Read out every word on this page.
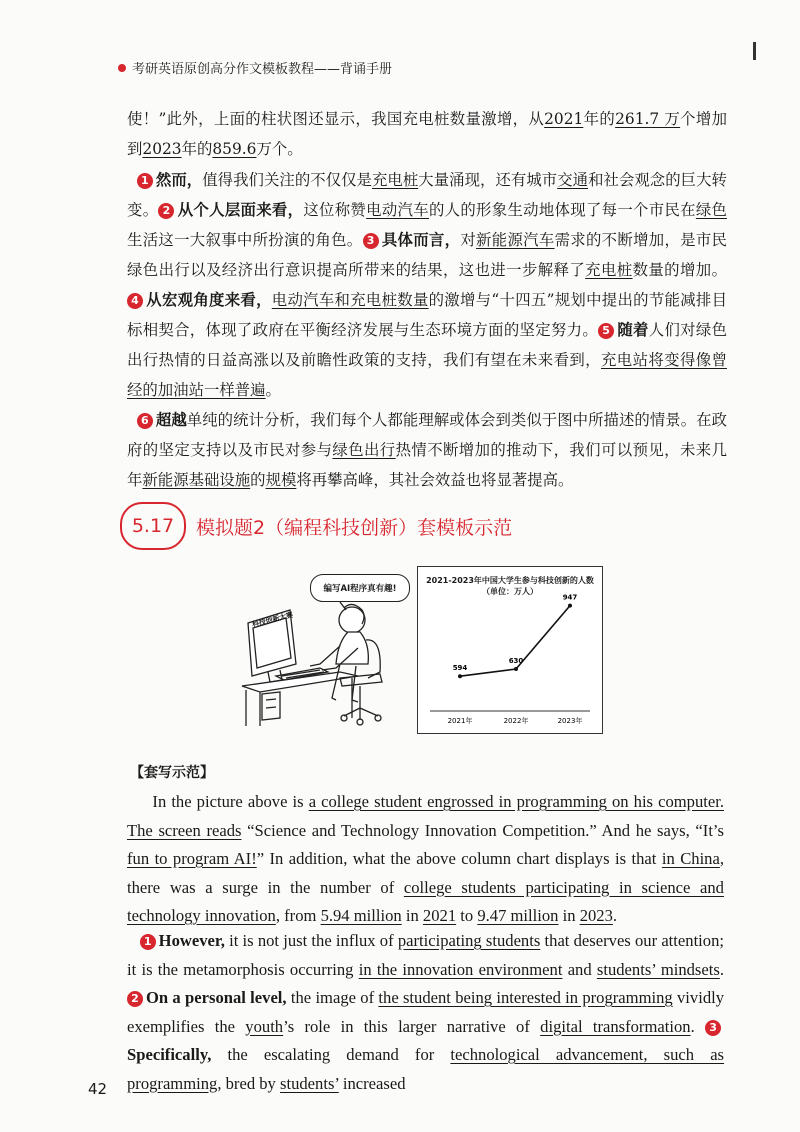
考研英语原创高分作文模板教程——背诵手册

使！”此外，上面的柱状图还显示，我国充电桩数量激增，从2021年的261.7 万个增加到2023年的859.6万个。

1 然而，值得我们关注的不仅仅是充电桩大量涌现，还有城市交通和社会观念的巨大转变。 2 从个人层面来看，这位称赞电动汽车的人的形象生动地体现了每一个市民在绿色生活这一大叙事中所扮演的角色。 3 具体而言，对新能源汽车需求的不断增加，是市民绿色出行以及经济出行意识提高所带来的结果，这也进一步解释了充电桩数量的增加。4 从宏观角度来看，电动汽车和充电桩数量的激增与“十四五”规划中提出的节能减排目标相契合，体现了政府在平衡经济发展与生态环境方面的坚定努力。 5 随着人们对绿色出行热情的日益高涨以及前瞻性政策的支持，我们有望在未来看到，充电站将变得像曾经的加油站一样普遍。

6 超越单纯的统计分析，我们每个人都能理解或体会到类似于图中所描述的情景。在政府的坚定支持以及市民对参与绿色出行热情不断增加的推动下，我们可以预见，未来几年新能源基础设施的规模将再攀高峰，其社会效益也将显著提高。

5.17	模拟题2（编程科技创新）套模板示范
编写AI程序真有趣!
科技创新大赛
2021-2023年中国大学生参与科技创新的人数
（单位：万人）
594
2021年
630
2022年
947
2023年
【套写示范】

In the picture above is a college student engrossed in programming on his computer. The screen reads “Science and Technology Innovation Competition.” And he says, “It’s fun to program AI!” In addition, what the above column chart displays is that in China, there was a surge in the number of college students participating in science and technology innovation, from 5.94 million in 2021 to 9.47 million in 2023.

1 However, it is not just the influx of participating students that deserves our attention; it is the metamorphosis occurring in the innovation environment and students’ mindsets. 2 On a personal level, the image of the student being interested in programming vividly exemplifies the youth’s role in this larger narrative of digital transformation. 3Specifically, the escalating demand for technological advancement, such as programming, bred by students’ increased

42
